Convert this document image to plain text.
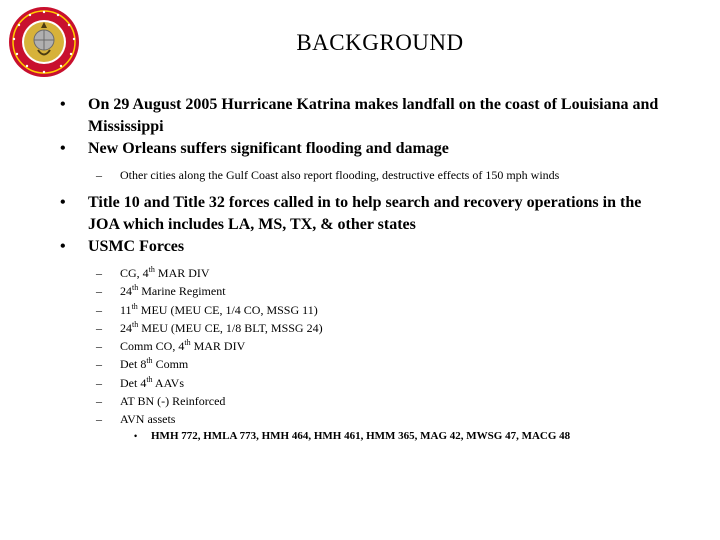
BACKGROUND
• On 29 August 2005 Hurricane Katrina makes landfall on the coast of Louisiana and Mississippi
• New Orleans suffers significant flooding and damage
– Other cities along the Gulf Coast also report flooding, destructive effects of 150 mph winds
• Title 10 and Title 32 forces called in to help search and recovery operations in the JOA which includes LA, MS, TX, & other states
• USMC Forces
– CG, 4th MAR DIV
– 24th Marine Regiment
– 11th MEU (MEU CE, 1/4 CO, MSSG 11)
– 24th MEU (MEU CE, 1/8 BLT, MSSG 24)
– Comm CO, 4th MAR DIV
– Det 8th Comm
– Det 4th AAVs
– AT BN (-) Reinforced
– AVN assets
• HMH 772, HMLA 773, HMH 464, HMH 461, HMM 365, MAG 42, MWSG 47, MACG 48
